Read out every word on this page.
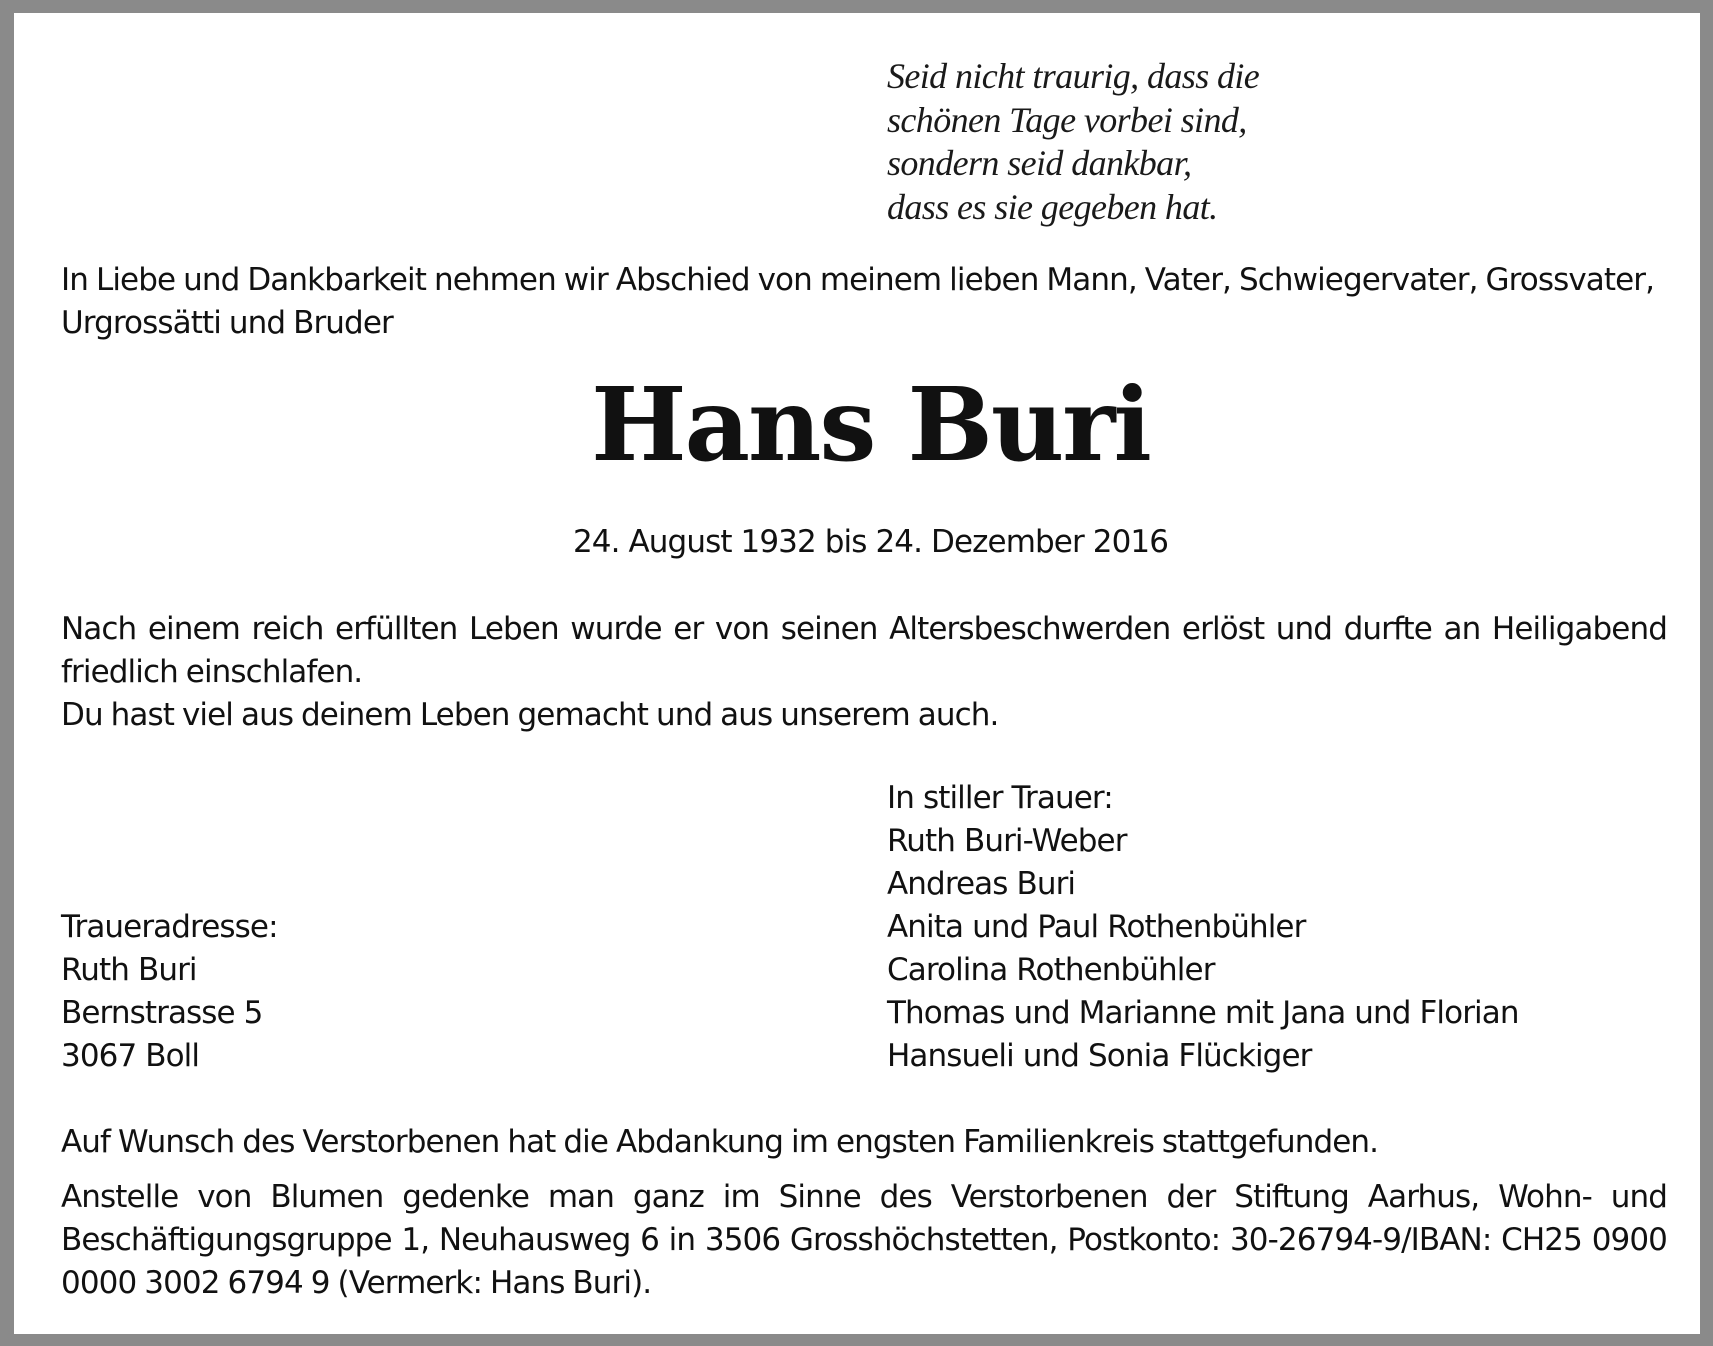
Seid nicht traurig, dass die
schönen Tage vorbei sind,
sondern seid dankbar,
dass es sie gegeben hat.

In Liebe und Dankbarkeit nehmen wir Abschied von meinem lieben Mann, Vater, Schwiegervater, Grossvater, Urgrossätti und Bruder

Hans Buri

24. August 1932 bis 24. Dezember 2016

Nach einem reich erfüllten Leben wurde er von seinen Altersbeschwerden erlöst und durfte an Heiligabend friedlich einschlafen.

Du hast viel aus deinem Leben gemacht und aus unserem auch.

In stiller Trauer:
Ruth Buri-Weber
Andreas Buri
Anita und Paul Rothenbühler
Carolina Rothenbühler
Thomas und Marianne mit Jana und Florian
Hansueli und Sonia Flückiger
Traueradresse:
Ruth Buri
Bernstrasse 5
3067 Boll

Auf Wunsch des Verstorbenen hat die Abdankung im engsten Familienkreis stattgefunden.

Anstelle von Blumen gedenke man ganz im Sinne des Verstorbenen der Stiftung Aarhus, Wohn- und Beschäftigungsgruppe 1, Neuhausweg 6 in 3506 Grosshöchstetten, Postkonto: 30-26794-9/IBAN: CH25 0900 0000 3002 6794 9 (Vermerk: Hans Buri).
